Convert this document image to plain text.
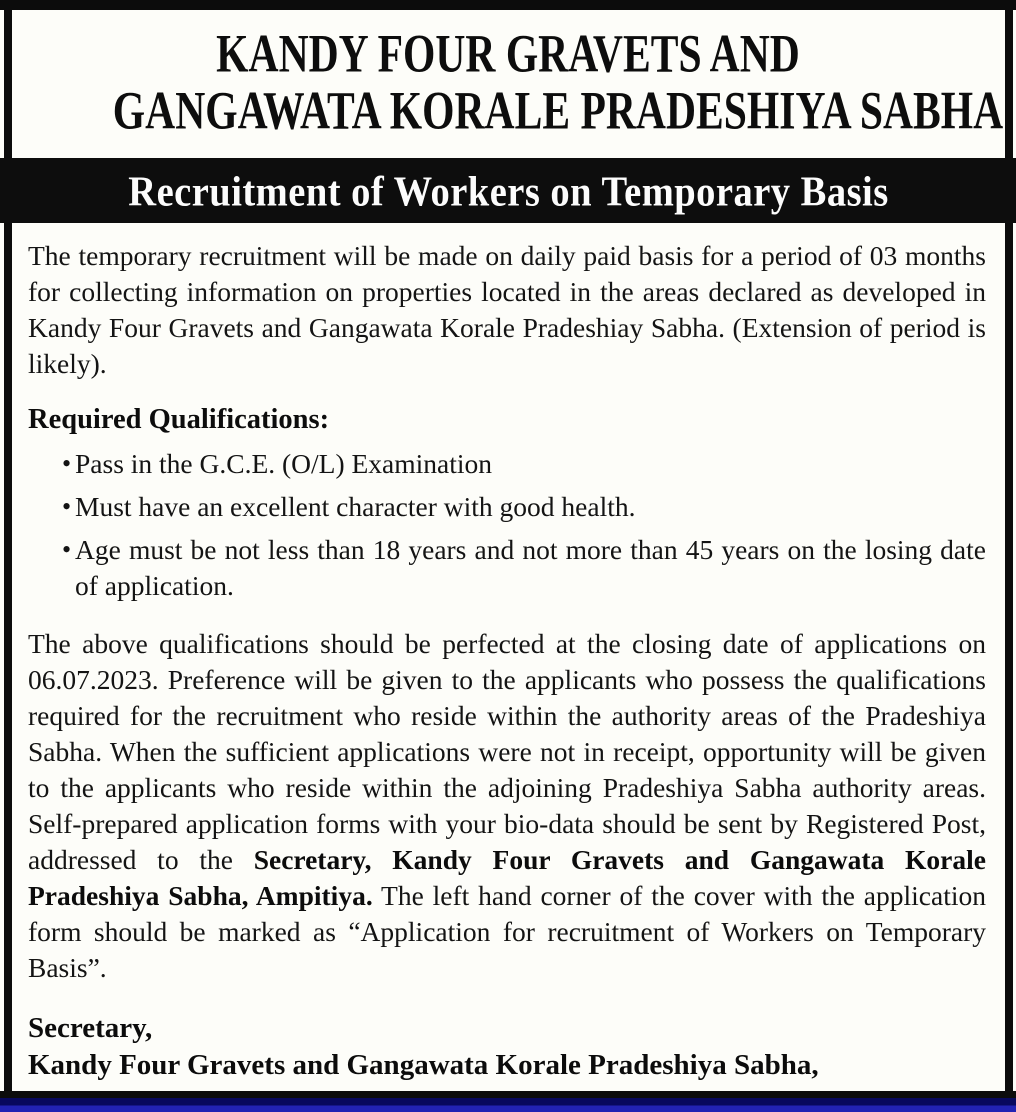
KANDY FOUR GRAVETS AND
GANGAWATA KORALE PRADESHIYA SABHA
Recruitment of Workers on Temporary Basis

The temporary recruitment will be made on daily paid basis for a period of 03 months for collecting information on properties located in the areas declared as developed in Kandy Four Gravets and Gangawata Korale Pradeshiay Sabha. (Extension of period is likely).

Required Qualifications:
• Pass in the G.C.E. (O/L) Examination
• Must have an excellent character with good health.
• Age must be not less than 18 years and not more than 45 years on the losing date of application.

The above qualifications should be perfected at the closing date of applications on 06.07.2023. Preference will be given to the applicants who possess the qualifications required for the recruitment who reside within the authority areas of the Pradeshiya Sabha. When the sufficient applications were not in receipt, opportunity will be given to the applicants who reside within the adjoining Pradeshiya Sabha authority areas. Self-prepared application forms with your bio-data should be sent by Registered Post, addressed to the Secretary, Kandy Four Gravets and Gangawata Korale Pradeshiya Sabha, Ampitiya. The left hand corner of the cover with the application form should be marked as “Application for recruitment of Workers on Temporary Basis”.

Secretary,
Kandy Four Gravets and Gangawata Korale Pradeshiya Sabha,
